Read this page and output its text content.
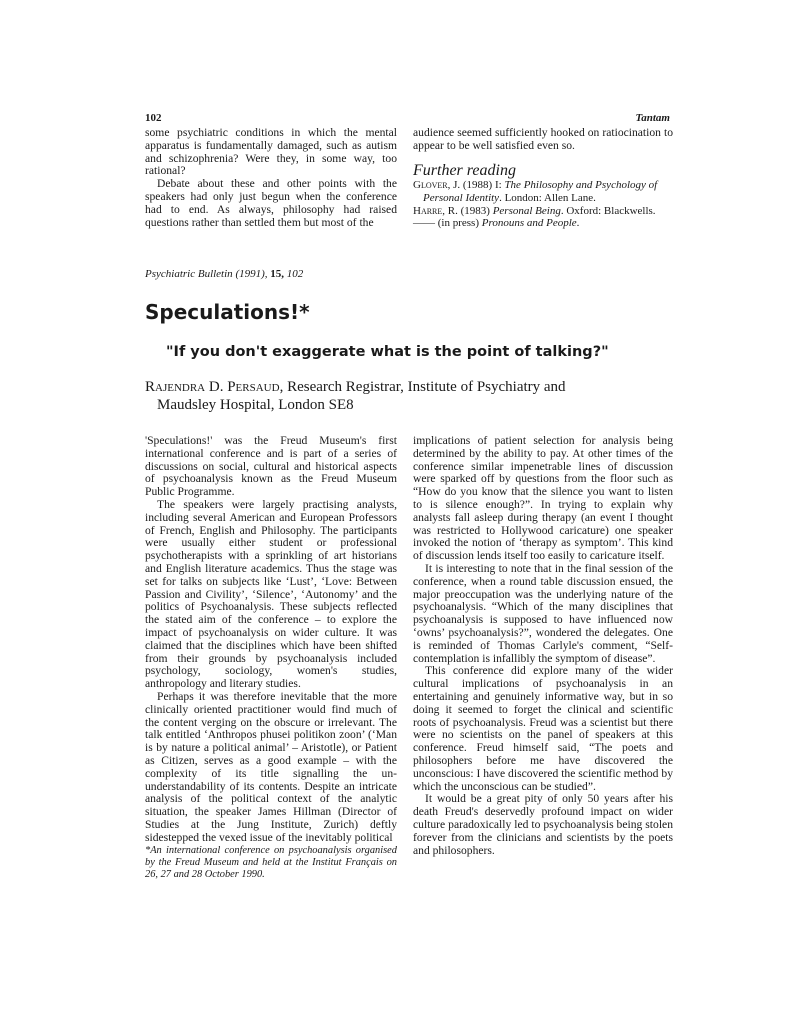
102	Tantam

some psychiatric conditions in which the mental apparatus is fundamentally damaged, such as autism and schizophrenia? Were they, in some way, too rational?

Debate about these and other points with the speakers had only just begun when the conference had to end. As always, philosophy had raised questions rather than settled them but most of the

audience seemed sufficiently hooked on ratiocination to appear to be well satisfied even so.

Further reading
Glover, J. (1988) I: The Philosophy and Psychology of Personal Identity. London: Allen Lane.
Harre, R. (1983) Personal Being. Oxford: Blackwells.
—— (in press) Pronouns and People.
Psychiatric Bulletin (1991), 15, 102
Speculations!*
"If you don't exaggerate what is the point of talking?"
Rajendra D. Persaud, Research Registrar, Institute of Psychiatry and
Maudsley Hospital, London SE8

'Speculations!' was the Freud Museum's first international conference and is part of a series of discussions on social, cultural and historical aspects of psychoanalysis known as the Freud Museum Public Programme.

The speakers were largely practising analysts, including several American and European Professors of French, English and Philosophy. The participants were usually either student or professional psychotherapists with a sprinkling of art historians and English literature academics. Thus the stage was set for talks on subjects like ‘Lust’, ‘Love: Between Passion and Civility’, ‘Silence’, ‘Autonomy’ and the politics of Psychoanalysis. These subjects reflected the stated aim of the conference – to explore the impact of psychoanalysis on wider culture. It was claimed that the disciplines which have been shifted from their grounds by psychoanalysis included psychology, sociology, women's studies, anthropology and literary studies.

Perhaps it was therefore inevitable that the more clinically oriented practitioner would find much of the content verging on the obscure or irrelevant. The talk entitled ‘Anthropos phusei politikon zoon’ (‘Man is by nature a political animal’ – Aristotle), or Patient as Citizen, serves as a good example – with the complexity of its title signalling the ununderstandability of its contents. Despite an intricate analysis of the political context of the analytic situation, the speaker James Hillman (Director of Studies at the Jung Institute, Zurich) deftly sidestepped the vexed issue of the inevitably political

*An international conference on psychoanalysis organised by the Freud Museum and held at the Institut Français on 26, 27 and 28 October 1990.

implications of patient selection for analysis being determined by the ability to pay. At other times of the conference similar impenetrable lines of discussion were sparked off by questions from the floor such as “How do you know that the silence you want to listen to is silence enough?”. In trying to explain why analysts fall asleep during therapy (an event I thought was restricted to Hollywood caricature) one speaker invoked the notion of ‘therapy as symptom’. This kind of discussion lends itself too easily to caricature itself.

It is interesting to note that in the final session of the conference, when a round table discussion ensued, the major preoccupation was the underlying nature of the psychoanalysis. “Which of the many disciplines that psychoanalysis is supposed to have influenced now ‘owns’ psychoanalysis?”, wondered the delegates. One is reminded of Thomas Carlyle's comment, “Self-contemplation is infallibly the symptom of disease”.

This conference did explore many of the wider cultural implications of psychoanalysis in an entertaining and genuinely informative way, but in so doing it seemed to forget the clinical and scientific roots of psychoanalysis. Freud was a scientist but there were no scientists on the panel of speakers at this conference. Freud himself said, “The poets and philosophers before me have discovered the unconscious: I have discovered the scientific method by which the unconscious can be studied”.

It would be a great pity of only 50 years after his death Freud's deservedly profound impact on wider culture paradoxically led to psychoanalysis being stolen forever from the clinicians and scientists by the poets and philosophers.
